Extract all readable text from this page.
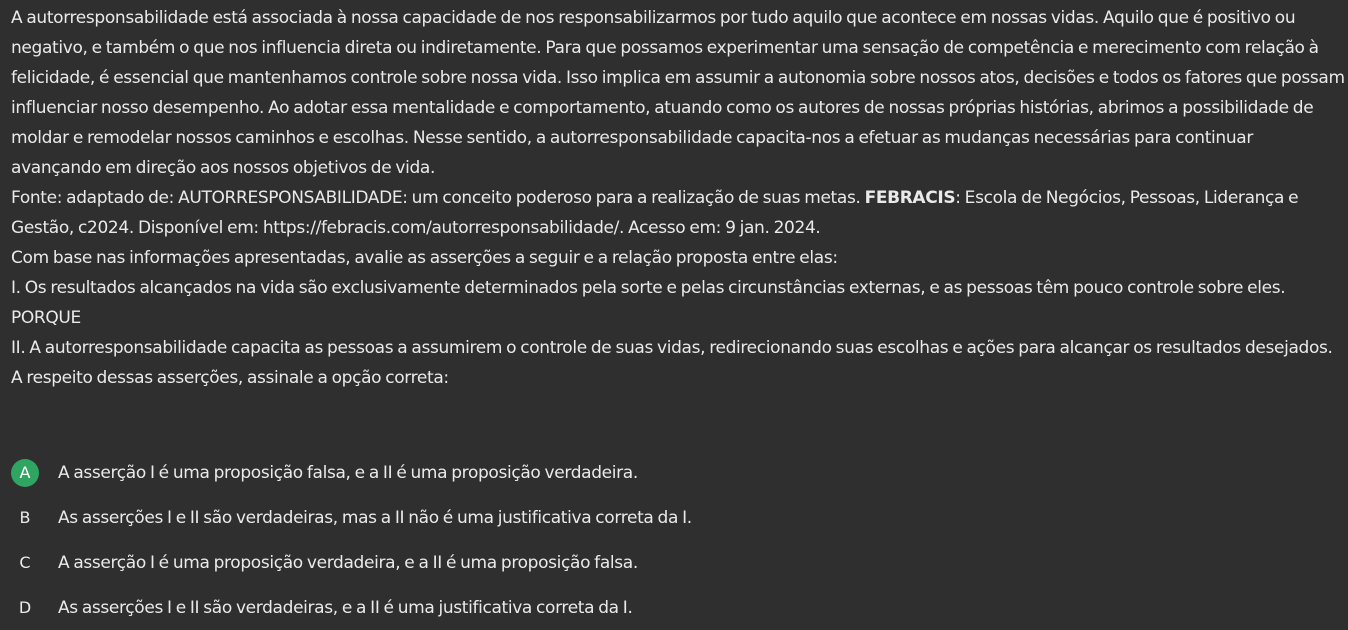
A autorresponsabilidade está associada à nossa capacidade de nos responsabilizarmos por tudo aquilo que acontece em nossas vidas. Aquilo que é positivo ou negativo, e também o que nos influencia direta ou indiretamente. Para que possamos experimentar uma sensação de competência e merecimento com relação à felicidade, é essencial que mantenhamos controle sobre nossa vida. Isso implica em assumir a autonomia sobre nossos atos, decisões e todos os fatores que possam influenciar nosso desempenho. Ao adotar essa mentalidade e comportamento, atuando como os autores de nossas próprias histórias, abrimos a possibilidade de moldar e remodelar nossos caminhos e escolhas. Nesse sentido, a autorresponsabilidade capacita-nos a efetuar as mudanças necessárias para continuar avançando em direção aos nossos objetivos de vida.

Fonte: adaptado de: AUTORRESPONSABILIDADE: um conceito poderoso para a realização de suas metas. FEBRACIS: Escola de Negócios, Pessoas, Liderança e Gestão, c2024. Disponível em: https://febracis.com/autorresponsabilidade/. Acesso em: 9 jan. 2024.

Com base nas informações apresentadas, avalie as asserções a seguir e a relação proposta entre elas:

I. Os resultados alcançados na vida são exclusivamente determinados pela sorte e pelas circunstâncias externas, e as pessoas têm pouco controle sobre eles.

PORQUE

II. A autorresponsabilidade capacita as pessoas a assumirem o controle de suas vidas, redirecionando suas escolhas e ações para alcançar os resultados desejados.

A respeito dessas asserções, assinale a opção correta:

A	A asserção I é uma proposição falsa, e a II é uma proposição verdadeira.
B	As asserções I e II são verdadeiras, mas a II não é uma justificativa correta da I.
C	A asserção I é uma proposição verdadeira, e a II é uma proposição falsa.
D	As asserções I e II são verdadeiras, e a II é uma justificativa correta da I.
